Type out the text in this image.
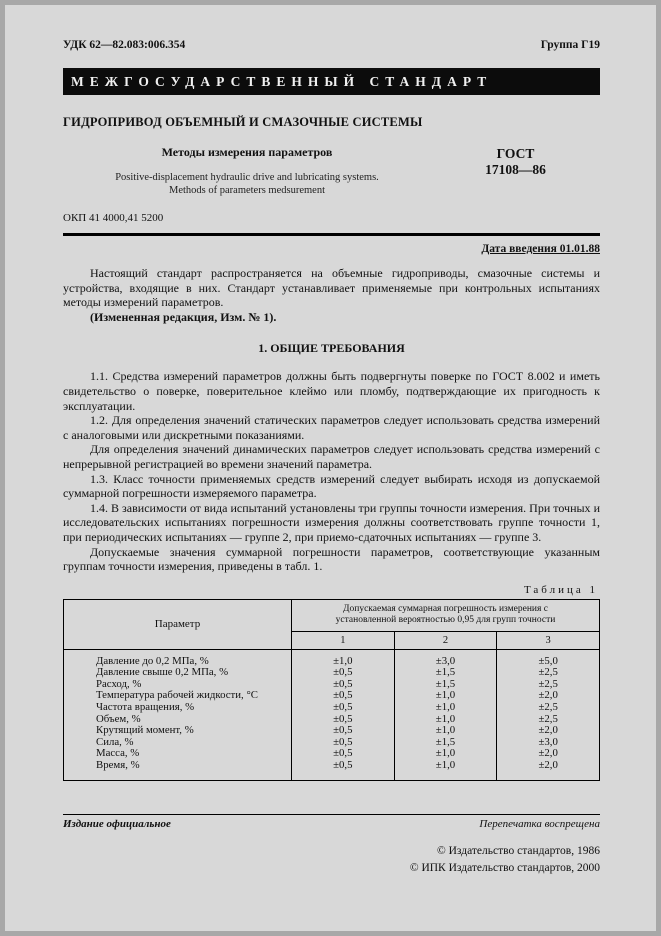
УДК 62—82.083:006.354	Группа Г19
МЕЖГОСУДАРСТВЕННЫЙ СТАНДАРТ
ГИДРОПРИВОД ОБЪЕМНЫЙ И СМАЗОЧНЫЕ СИСТЕМЫ
Методы измерения параметров
Positive-displacement hydraulic drive and lubricating systems.
Methods of parameters medsurement
ГОСТ
17108—86
ОКП 41 4000,41 5200
Дата введения 01.01.88

Настоящий стандарт распространяется на объемные гидроприводы, смазочные системы и устройства, входящие в них. Стандарт устанавливает применяемые при контрольных испытаниях методы измерений параметров.

(Измененная редакция, Изм. № 1).

1. ОБЩИЕ ТРЕБОВАНИЯ

1.1. Средства измерений параметров должны быть подвергнуты поверке по ГОСТ 8.002 и иметь свидетельство о поверке, поверительное клеймо или пломбу, подтверждающие их пригодность к эксплуатации.

1.2. Для определения значений статических параметров следует использовать средства измерений с аналоговыми или дискретными показаниями.

Для определения значений динамических параметров следует использовать средства измерений с непрерывной регистрацией во времени значений параметра.

1.3. Класс точности применяемых средств измерений следует выбирать исходя из допускаемой суммарной погрешности измеряемого параметра.

1.4. В зависимости от вида испытаний установлены три группы точности измерения. При точных и исследовательских испытаниях погрешности измерения должны соответствовать группе точности 1, при периодических испытаниях — группе 2, при приемо-сдаточных испытаниях — группе 3.

Допускаемые значения суммарной погрешности параметров, соответствующие указанным группам точности измерения, приведены в табл. 1.

Таблица 1
Параметр	Допускаемая суммарная погрешность измерения с установленной вероятностью 0,95 для групп точности		
	1	2	3
Давление до 0,2 МПа, %	±1,0	±3,0	±5,0
Давление свыше 0,2 МПа, %	±0,5	±1,5	±2,5
Расход, %	±0,5	±1,5	±2,5
Температура рабочей жидкости, °С	±0,5	±1,0	±2,0
Частота вращения, %	±0,5	±1,0	±2,5
Объем, %	±0,5	±1,0	±2,5
Крутящий момент, %	±0,5	±1,0	±2,0
Сила, %	±0,5	±1,5	±3,0
Масса, %	±0,5	±1,0	±2,0
Время, %	±0,5	±1,0	±2,0
Издание официальное	Перепечатка воспрещена
© Издательство стандартов, 1986
© ИПК Издательство стандартов, 2000
